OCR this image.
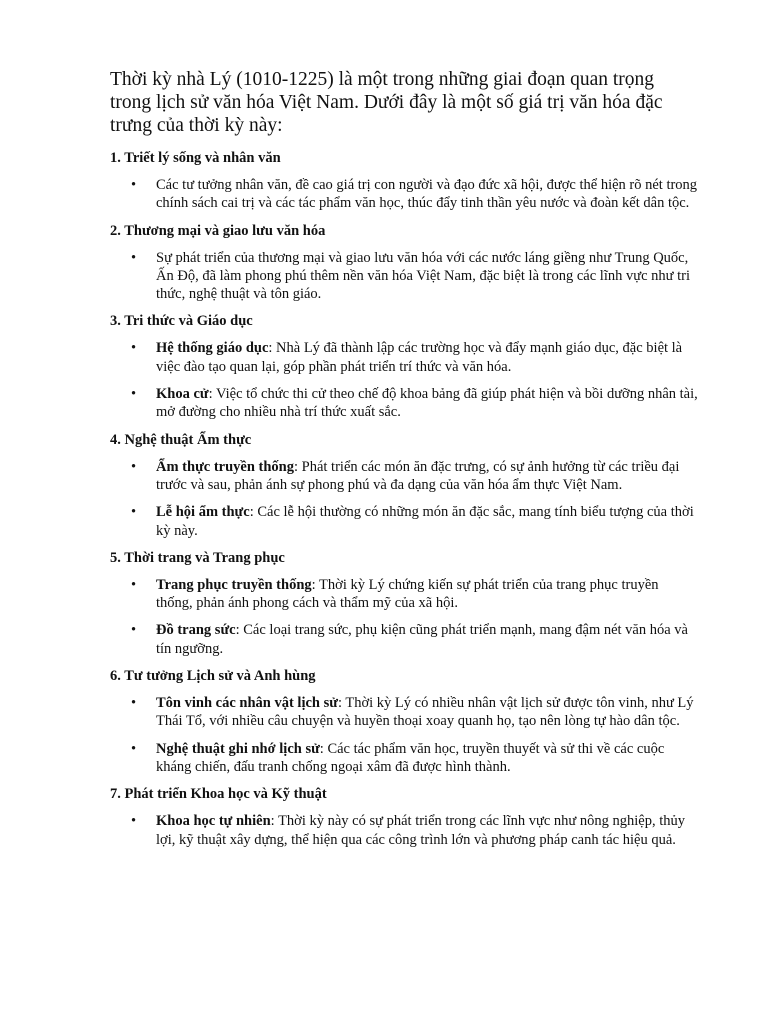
Thời kỳ nhà Lý (1010-1225) là một trong những giai đoạn quan trọng trong lịch sử văn hóa Việt Nam. Dưới đây là một số giá trị văn hóa đặc trưng của thời kỳ này:

1. Triết lý sống và nhân văn
• Các tư tưởng nhân văn, đề cao giá trị con người và đạo đức xã hội, được thể hiện rõ nét trong chính sách cai trị và các tác phẩm văn học, thúc đẩy tinh thần yêu nước và đoàn kết dân tộc.
2. Thương mại và giao lưu văn hóa
• Sự phát triển của thương mại và giao lưu văn hóa với các nước láng giềng như Trung Quốc, Ấn Độ, đã làm phong phú thêm nền văn hóa Việt Nam, đặc biệt là trong các lĩnh vực như tri thức, nghệ thuật và tôn giáo.
3. Tri thức và Giáo dục
• Hệ thống giáo dục: Nhà Lý đã thành lập các trường học và đẩy mạnh giáo dục, đặc biệt là việc đào tạo quan lại, góp phần phát triển trí thức và văn hóa.
• Khoa cử: Việc tổ chức thi cử theo chế độ khoa bảng đã giúp phát hiện và bồi dưỡng nhân tài, mở đường cho nhiều nhà trí thức xuất sắc.
4. Nghệ thuật Ẩm thực
• Ẩm thực truyền thống: Phát triển các món ăn đặc trưng, có sự ảnh hưởng từ các triều đại trước và sau, phản ánh sự phong phú và đa dạng của văn hóa ẩm thực Việt Nam.
• Lễ hội ẩm thực: Các lễ hội thường có những món ăn đặc sắc, mang tính biểu tượng của thời kỳ này.
5. Thời trang và Trang phục
• Trang phục truyền thống: Thời kỳ Lý chứng kiến sự phát triển của trang phục truyền thống, phản ánh phong cách và thẩm mỹ của xã hội.
• Đồ trang sức: Các loại trang sức, phụ kiện cũng phát triển mạnh, mang đậm nét văn hóa và tín ngưỡng.
6. Tư tưởng Lịch sử và Anh hùng
• Tôn vinh các nhân vật lịch sử: Thời kỳ Lý có nhiều nhân vật lịch sử được tôn vinh, như Lý Thái Tổ, với nhiều câu chuyện và huyền thoại xoay quanh họ, tạo nên lòng tự hào dân tộc.
• Nghệ thuật ghi nhớ lịch sử: Các tác phẩm văn học, truyền thuyết và sử thi về các cuộc kháng chiến, đấu tranh chống ngoại xâm đã được hình thành.
7. Phát triển Khoa học và Kỹ thuật
• Khoa học tự nhiên: Thời kỳ này có sự phát triển trong các lĩnh vực như nông nghiệp, thủy lợi, kỹ thuật xây dựng, thể hiện qua các công trình lớn và phương pháp canh tác hiệu quả.
